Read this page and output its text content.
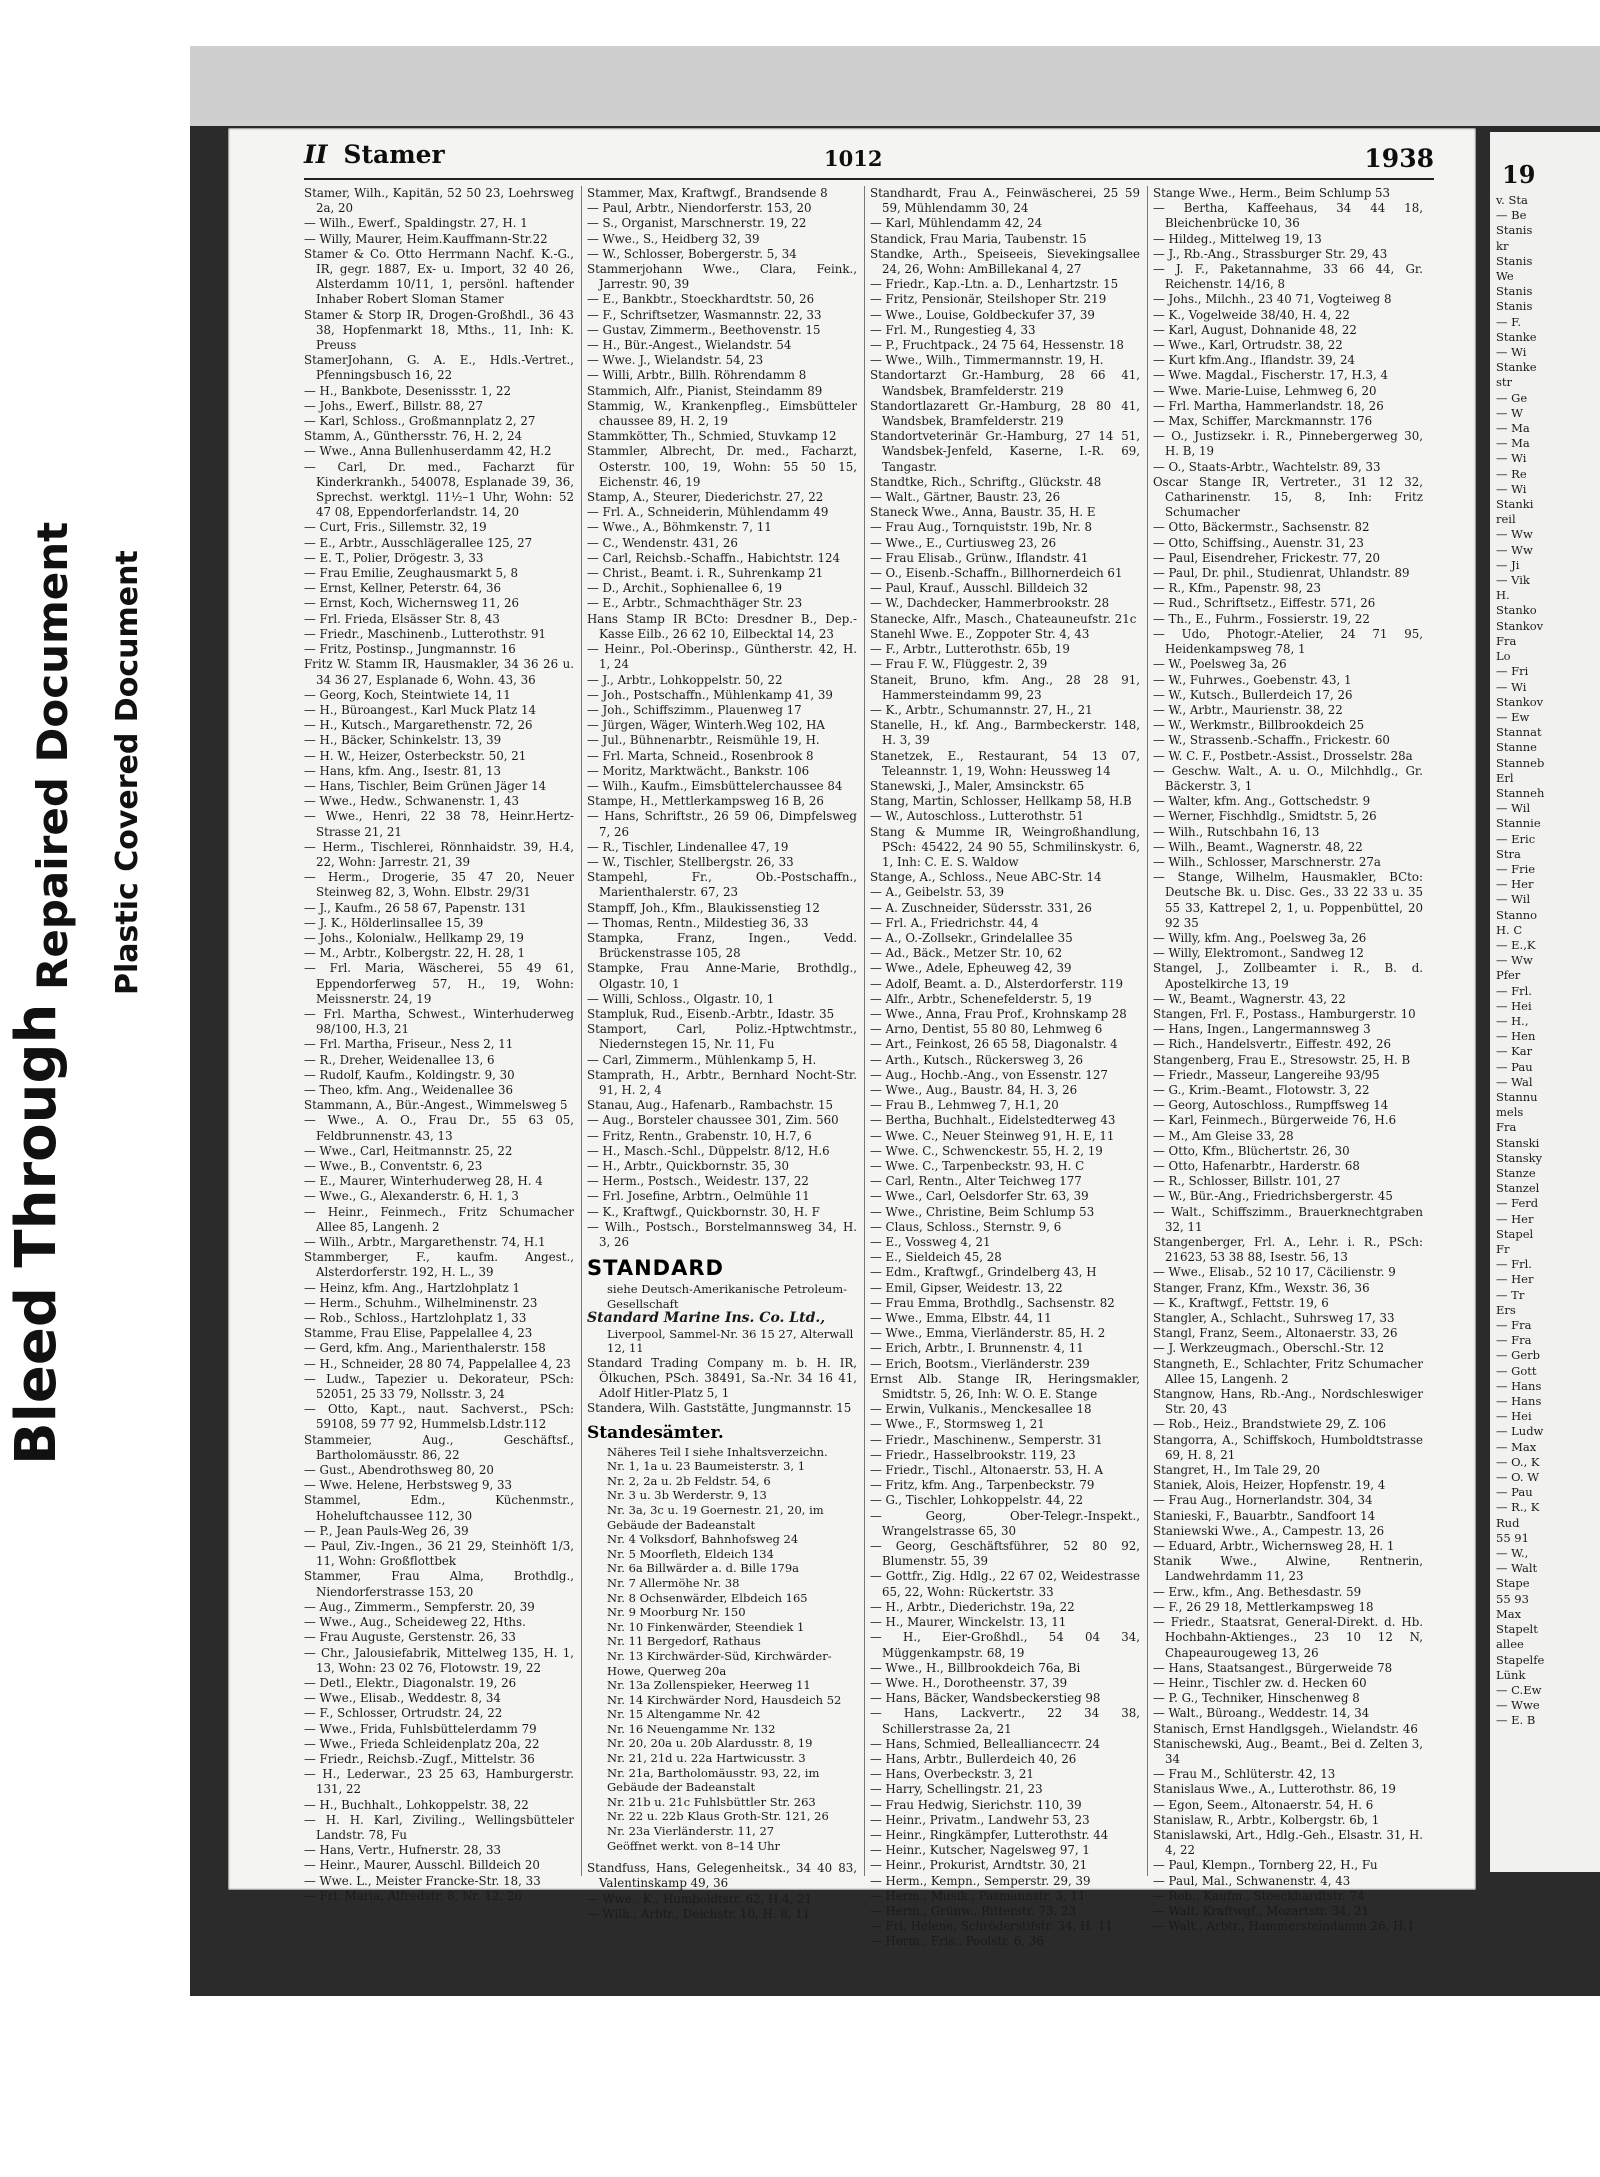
Bleed Through
Repaired Document Plastic Covered Document
II Stamer	1012	1938

Stamer, Wilh., Kapitän, 52 50 23, Loehrsweg 2a, 20

— Wilh., Ewerf., Spaldingstr. 27, H. 1

— Willy, Maurer, Heim.Kauffmann-Str.22

Stamer & Co. Otto Herrmann Nachf. K.-G., IR, gegr. 1887, Ex- u. Import, 32 40 26, Alsterdamm 10/11, 1, persönl. haftender Inhaber Robert Sloman Stamer

Stamer & Storp IR, Drogen-Großhdl., 36 43 38, Hopfenmarkt 18, Mths., 11, Inh: K. Preuss

StamerJohann, G. A. E., Hdls.-Vertret., Pfenningsbusch 16, 22

— H., Bankbote, Desenissstr. 1, 22

— Johs., Ewerf., Billstr. 88, 27

— Karl, Schloss., Großmannplatz 2, 27

Stamm, A., Günthersstr. 76, H. 2, 24

— Wwe., Anna Bullenhuserdamm 42, H.2

— Carl, Dr. med., Facharzt für Kinderkrankh., 540078, Esplanade 39, 36, Sprechst. werktgl. 11½–1 Uhr, Wohn: 52 47 08, Eppendorferlandstr. 14, 20

— Curt, Fris., Sillemstr. 32, 19

— E., Arbtr., Ausschlägerallee 125, 27

— E. T., Polier, Drögestr. 3, 33

— Frau Emilie, Zeughausmarkt 5, 8

— Ernst, Kellner, Peterstr. 64, 36

— Ernst, Koch, Wichernsweg 11, 26

— Frl. Frieda, Elsässer Str. 8, 43

— Friedr., Maschinenb., Lutterothstr. 91

— Fritz, Postinsp., Jungmannstr. 16

Fritz W. Stamm IR, Hausmakler, 34 36 26 u. 34 36 27, Esplanade 6, Wohn. 43, 36

— Georg, Koch, Steintwiete 14, 11

— H., Bürоangest., Karl Muck Platz 14

— H., Kutsch., Margarethenstr. 72, 26

— H., Bäcker, Schinkelstr. 13, 39

— H. W., Heizer, Osterbeckstr. 50, 21

— Hans, kfm. Ang., Isestr. 81, 13

— Hans, Tischler, Beim Grünen Jäger 14

— Wwe., Hedw., Schwanenstr. 1, 43

— Wwe., Henri, 22 38 78, Heinr.Hertz-Strasse 21, 21

— Herm., Tischlerei, Rönnhaidstr. 39, H.4, 22, Wohn: Jarrestr. 21, 39

— Herm., Drogerie, 35 47 20, Neuer Steinweg 82, 3, Wohn. Elbstr. 29/31

— J., Kaufm., 26 58 67, Papenstr. 131

— J. K., Hölderlinsallee 15, 39

— Johs., Kolonialw., Hellkamp 29, 19

— M., Arbtr., Kolbergstr. 22, H. 28, 1

— Frl. Maria, Wäscherei, 55 49 61, Eppendorferweg 57, H., 19, Wohn: Meissnerstr. 24, 19

— Frl. Martha, Schwest., Winterhuderweg 98/100, H.3, 21

— Frl. Martha, Friseur., Ness 2, 11

— R., Dreher, Weidenallee 13, 6

— Rudolf, Kaufm., Koldingstr. 9, 30

— Theo, kfm. Ang., Weidenallee 36

Stammann, A., Bür.-Angest., Wimmelsweg 5

— Wwe., A. O., Frau Dr., 55 63 05, Feldbrunnenstr. 43, 13

— Wwe., Carl, Heitmannstr. 25, 22

— Wwe., B., Conventstr. 6, 23

— E., Maurer, Winterhuderweg 28, H. 4

— Wwe., G., Alexanderstr. 6, H. 1, 3

— Heinr., Feinmech., Fritz Schumacher Allee 85, Langenh. 2

— Wilh., Arbtr., Margarethenstr. 74, H.1

Stammberger, F., kaufm. Angest., Alsterdorferstr. 192, H. L., 39

— Heinz, kfm. Ang., Hartzlohplatz 1

— Herm., Schuhm., Wilhelminenstr. 23

— Rob., Schloss., Hartzlohplatz 1, 33

Stamme, Frau Elise, Pappelallee 4, 23

— Gerd, kfm. Ang., Marienthalerstr. 158

— H., Schneider, 28 80 74, Pappelallee 4, 23

— Ludw., Tapezier u. Dekorateur, PSch: 52051, 25 33 79, Nollsstr. 3, 24

— Otto, Kapt., naut. Sachverst., PSch: 59108, 59 77 92, Hummelsb.Ldstr.112

Stammeier, Aug., Geschäftsf., Bartholomäusstr. 86, 22

— Gust., Abendrothsweg 80, 20

— Wwe. Helene, Herbstsweg 9, 33

Stammel, Edm., Küchenmstr., Hoheluftchaussee 112, 30

— P., Jean Pauls-Weg 26, 39

— Paul, Ziv.-Ingen., 36 21 29, Steinhöft 1/3, 11, Wohn: Großflottbek

Stammer, Frau Alma, Brothdlg., Niendorferstrasse 153, 20

— Aug., Zimmerm., Sempferstr. 20, 39

— Wwe., Aug., Scheideweg 22, Hths.

— Frau Auguste, Gerstenstr. 26, 33

— Chr., Jalousiefabrik, Mittelweg 135, H. 1, 13, Wohn: 23 02 76, Flotowstr. 19, 22

— Detl., Elektr., Diagonalstr. 19, 26

— Wwe., Elisab., Weddestr. 8, 34

— F., Schlosser, Ortrudstr. 24, 22

— Wwe., Frida, Fuhlsbüttelerdamm 79

— Wwe., Frieda Schleidenplatz 20a, 22

— Friedr., Reichsb.-Zugf., Mittelstr. 36

— H., Lederwar., 23 25 63, Hamburgerstr. 131, 22

— H., Buchhalt., Lohkoppelstr. 38, 22

— H. H. Karl, Ziviling., Wellingsbütteler Landstr. 78, Fu

— Hans, Vertr., Hufnerstr. 28, 33

— Heinr., Maurer, Ausschl. Billdeich 20

— Wwe. L., Meister Francke-Str. 18, 33

— Frl. Maria, Alfredstr. 8, Nr. 12, 26

Stammer, Max, Kraftwgf., Brandsende 8

— Paul, Arbtr., Niendorferstr. 153, 20

— S., Organist, Marschnerstr. 19, 22

— Wwe., S., Heidberg 32, 39

— W., Schlosser, Bobergerstr. 5, 34

Stammerjohann Wwe., Clara, Feink., Jarrestr. 90, 39

— E., Bankbtr., Stoeckhardtstr. 50, 26

— F., Schriftsetzer, Wasmannstr. 22, 33

— Gustav, Zimmerm., Beethovenstr. 15

— H., Bür.-Angest., Wielandstr. 54

— Wwe. J., Wielandstr. 54, 23

— Willi, Arbtr., Billh. Röhrendamm 8

Stammich, Alfr., Pianist, Steindamm 89

Stammig, W., Krankenpfleg., Eimsbütteler chaussee 89, H. 2, 19

Stammkötter, Th., Schmied, Stuvkamp 12

Stammler, Albrecht, Dr. med., Facharzt, Osterstr. 100, 19, Wohn: 55 50 15, Eichenstr. 46, 19

Stamp, A., Steurer, Diederichstr. 27, 22

— Frl. A., Schneiderin, Mühlendamm 49

— Wwe., A., Böhmkenstr. 7, 11

— C., Wendenstr. 431, 26

— Carl, Reichsb.-Schaffn., Habichtstr. 124

— Christ., Beamt. i. R., Suhrenkamp 21

— D., Archit., Sophienallee 6, 19

— E., Arbtr., Schmachthäger Str. 23

Hans Stamp IR BCto: Dresdner B., Dep.-Kasse Eilb., 26 62 10, Eilbecktal 14, 23

— Heinr., Pol.-Oberinsp., Güntherstr. 42, H. 1, 24

— J., Arbtr., Lohkoppelstr. 50, 22

— Joh., Postschaffn., Mühlenkamp 41, 39

— Joh., Schiffszimm., Plauenweg 17

— Jürgen, Wäger, Winterh.Weg 102, HA

— Jul., Bühnenarbtr., Reismühle 19, H.

— Frl. Marta, Schneid., Rosenbrook 8

— Moritz, Marktwächt., Bankstr. 106

— Wilh., Kaufm., Eimsbüttelerchaussee 84

Stampe, H., Mettlerkampsweg 16 B, 26

— Hans, Schriftstr., 26 59 06, Dimpfelsweg 7, 26

— R., Tischler, Lindenallee 47, 19

— W., Tischler, Stellbergstr. 26, 33

Stampehl, Fr., Ob.-Postschaffn., Marienthalerstr. 67, 23

Stampff, Joh., Kfm., Blaukissenstieg 12

— Thomas, Rentn., Mildestieg 36, 33

Stampka, Franz, Ingen., Vedd. Brückenstrasse 105, 28

Stampke, Frau Anne-Marie, Brothdlg., Olgastr. 10, 1

— Willi, Schloss., Olgastr. 10, 1

Stampluk, Rud., Eisenb.-Arbtr., Idastr. 35

Stamport, Carl, Poliz.-Hptwchtmstr., Niedernstegen 15, Nr. 11, Fu

— Carl, Zimmerm., Mühlenkamp 5, H.

Stamprath, H., Arbtr., Bernhard Nocht-Str. 91, H. 2, 4

Stanau, Aug., Hafenarb., Rambachstr. 15

— Aug., Borsteler chaussee 301, Zim. 560

— Fritz, Rentn., Grabenstr. 10, H.7, 6

— H., Masch.-Schl., Düppelstr. 8/12, H.6

— H., Arbtr., Quickbornstr. 35, 30

— Herm., Postsch., Weidestr. 137, 22

— Frl. Josefine, Arbtrn., Oelmühle 11

— K., Kraftwgf., Quickbornstr. 30, H. F

— Wilh., Postsch., Borstelmannsweg 34, H. 3, 26

STANDARD

siehe Deutsch-Amerikanische Petroleum-Gesellschaft

Standard Marine Ins. Co. Ltd.,

Liverpool, Sammel-Nr. 36 15 27, Alterwall 12, 11

Standard Trading Company m. b. H. IR, Ölkuchen, PSch. 38491, Sa.-Nr. 34 16 41, Adolf Hitler-Platz 5, 1

Standera, Wilh. Gaststätte, Jungmannstr. 15

Standesämter.

Näheres Teil I siehe Inhaltsverzeichn.

Nr. 1, 1a u. 23 Baumeisterstr. 3, 1

Nr. 2, 2a u. 2b Feldstr. 54, 6

Nr. 3 u. 3b Werderstr. 9, 13

Nr. 3a, 3c u. 19 Goernestr. 21, 20, im Gebäude der Badeanstalt

Nr. 4 Volksdorf, Bahnhofsweg 24

Nr. 5 Moorfleth, Eldeich 134

Nr. 6a Billwärder a. d. Bille 179a

Nr. 7 Allermöhe Nr. 38

Nr. 8 Ochsenwärder, Elbdeich 165

Nr. 9 Moorburg Nr. 150

Nr. 10 Finkenwärder, Steendiek 1

Nr. 11 Bergedorf, Rathaus

Nr. 13 Kirchwärder-Süd, Kirchwärder-Howe, Querweg 20a

Nr. 13a Zollenspieker, Heerweg 11

Nr. 14 Kirchwärder Nord, Hausdeich 52

Nr. 15 Altengamme Nr. 42

Nr. 16 Neuengamme Nr. 132

Nr. 20, 20a u. 20b Alardusstr. 8, 19

Nr. 21, 21d u. 22a Hartwicusstr. 3

Nr. 21a, Bartholomäusstr. 93, 22, im Gebäude der Badeanstalt

Nr. 21b u. 21c Fuhlsbüttler Str. 263

Nr. 22 u. 22b Klaus Groth-Str. 121, 26

Nr. 23a Vierländerstr. 11, 27

Geöffnet werkt. von 8–14 Uhr

Standfuss, Hans, Gelegenheitsk., 34 40 83, Valentinskamp 49, 36

— Wwe., K., Humboldtstr. 62, H.4, 21

— Wilh., Arbtr., Deichstr. 10, H. 8, 11

Standhardt, Frau A., Feinwäscherei, 25 59 59, Mühlendamm 30, 24

— Karl, Mühlendamm 42, 24

Standick, Frau Maria, Taubenstr. 15

Standke, Arth., Speiseeis, Sievekingsallee 24, 26, Wohn: AmBillekanal 4, 27

— Friedr., Kap.-Ltn. a. D., Lenhartzstr. 15

— Fritz, Pensionär, Steilshoper Str. 219

— Wwe., Louise, Goldbeckufer 37, 39

— Frl. M., Rungestieg 4, 33

— P., Fruchtpack., 24 75 64, Hessenstr. 18

— Wwe., Wilh., Timmermannstr. 19, H.

Standortarzt Gr.-Hamburg, 28 66 41, Wandsbek, Bramfelderstr. 219

Standortlazarett Gr.-Hamburg, 28 80 41, Wandsbek, Bramfelderstr. 219

Standortveterinär Gr.-Hamburg, 27 14 51, Wandsbek-Jenfeld, Kaserne, I.-R. 69, Tangastr.

Standtke, Rich., Schriftg., Glückstr. 48

— Walt., Gärtner, Baustr. 23, 26

Staneck Wwe., Anna, Baustr. 35, H. E

— Frau Aug., Tornquiststr. 19b, Nr. 8

— Wwe., E., Curtiusweg 23, 26

— Frau Elisab., Grünw., Iflandstr. 41

— O., Eisenb.-Schaffn., Billhornerdeich 61

— Paul, Krauf., Ausschl. Billdeich 32

— W., Dachdecker, Hammerbrookstr. 28

Stanecke, Alfr., Masch., Chateauneufstr. 21c

Stanehl Wwe. E., Zoppoter Str. 4, 43

— F., Arbtr., Lutterothstr. 65b, 19

— Frau F. W., Flüggestr. 2, 39

Staneit, Bruno, kfm. Ang., 28 28 91, Hammersteindamm 99, 23

— K., Arbtr., Schumannstr. 27, H., 21

Stanelle, H., kf. Ang., Barmbeckerstr. 148, H. 3, 39

Stanetzek, E., Restaurant, 54 13 07, Teleannstr. 1, 19, Wohn: Heussweg 14

Stanewski, J., Maler, Amsinckstr. 65

Stang, Martin, Schlosser, Hellkamp 58, H.B

— W., Autoschloss., Lutterothstr. 51

Stang & Mumme IR, Weingroßhandlung, PSch: 45422, 24 90 55, Schmilinskystr. 6, 1, Inh: C. E. S. Waldow

Stange, A., Schloss., Neue ABC-Str. 14

— A., Geibelstr. 53, 39

— A. Zuschneider, Südersstr. 331, 26

— Frl. A., Friedrichstr. 44, 4

— A., O.-Zollsekr., Grindelallee 35

— Ad., Bäck., Metzer Str. 10, 62

— Wwe., Adele, Epheuweg 42, 39

— Adolf, Beamt. a. D., Alsterdorferstr. 119

— Alfr., Arbtr., Schenefelderstr. 5, 19

— Wwe., Anna, Frau Prof., Krohnskamp 28

— Arno, Dentist, 55 80 80, Lehmweg 6

— Art., Feinkost, 26 65 58, Diagonalstr. 4

— Arth., Kutsch., Rückersweg 3, 26

— Aug., Hochb.-Ang., von Essenstr. 127

— Wwe., Aug., Baustr. 84, H. 3, 26

— Frau B., Lehmweg 7, H.1, 20

— Bertha, Buchhalt., Eidelstedterweg 43

— Wwe. C., Neuer Steinweg 91, H. E, 11

— Wwe. C., Schwenckestr. 55, H. 2, 19

— Wwe. C., Tarpenbeckstr. 93, H. C

— Carl, Rentn., Alter Teichweg 177

— Wwe., Carl, Oelsdorfer Str. 63, 39

— Wwe., Christine, Beim Schlump 53

— Claus, Schloss., Sternstr. 9, 6

— E., Vossweg 4, 21

— E., Sieldeich 45, 28

— Edm., Kraftwgf., Grindelberg 43, H

— Emil, Gipser, Weidestr. 13, 22

— Frau Emma, Brothdlg., Sachsenstr. 82

— Wwe., Emma, Elbstr. 44, 11

— Wwe., Emma, Vierländerstr. 85, H. 2

— Erich, Arbtr., I. Brunnenstr. 4, 11

— Erich, Bootsm., Vierländerstr. 239

Ernst Alb. Stange IR, Heringsmakler, Smidtstr. 5, 26, Inh: W. O. E. Stange

— Erwin, Vulkanis., Menckesallee 18

— Wwe., F., Stormsweg 1, 21

— Friedr., Maschinenw., Semperstr. 31

— Friedr., Hasselbrookstr. 119, 23

— Friedr., Tischl., Altonaerstr. 53, H. A

— Fritz, kfm. Ang., Tarpenbeckstr. 79

— G., Tischler, Lohkoppelstr. 44, 22

— Georg, Ober-Telegr.-Inspekt., Wrangelstrasse 65, 30

— Georg, Geschäftsführer, 52 80 92, Blumenstr. 55, 39

— Gottfr., Zig. Hdlg., 22 67 02, Weidestrasse 65, 22, Wohn: Rückertstr. 33

— H., Arbtr., Diederichstr. 19a, 22

— H., Maurer, Winckelstr. 13, 11

— H., Eier-Großhdl., 54 04 34, Müggenkampstr. 68, 19

— Wwe., H., Billbrookdeich 76a, Bi

— Wwe. H., Dorotheenstr. 37, 39

— Hans, Bäcker, Wandsbeckerstieg 98

— Hans, Lackvertr., 22 34 38, Schillerstrasse 2a, 21

— Hans, Schmied, Belleallianceстr. 24

— Hans, Arbtr., Bullerdeich 40, 26

— Hans, Overbeckstr. 3, 21

— Harry, Schellingstr. 21, 23

— Frau Hedwig, Sierichstr. 110, 39

— Heinr., Privatm., Landwehr 53, 23

— Heinr., Ringkämpfer, Lutterothstr. 44

— Heinr., Kutscher, Nagelsweg 97, 1

— Heinr., Prokurist, Arndtstr. 30, 21

— Herm., Kempn., Semperstr. 29, 39

— Herm., Musik., Pasmannstr. 3, 11

— Herm., Grünw., Ritterstr. 73, 23

— Frl. Helene, Schröderstifstr. 34, H. 11

— Herm., Fris., Poolstr. 6, 36

Stange Wwe., Herm., Beim Schlump 53

— Bertha, Kaffeehaus, 34 44 18, Bleichenbrücke 10, 36

— Hildeg., Mittelweg 19, 13

— J., Rb.-Ang., Strassburger Str. 29, 43

— J. F., Paketannahme, 33 66 44, Gr. Reichenstr. 14/16, 8

— Johs., Milchh., 23 40 71, Vogteiweg 8

— K., Vogelweide 38/40, H. 4, 22

— Karl, August, Dohnanide 48, 22

— Wwe., Karl, Ortrudstr. 38, 22

— Kurt kfm.Ang., Iflandstr. 39, 24

— Wwe. Magdal., Fischerstr. 17, H.3, 4

— Wwe. Marie-Luise, Lehmweg 6, 20

— Frl. Martha, Hammerlandstr. 18, 26

— Max, Schiffer, Marckmannstr. 176

— O., Justizsekr. i. R., Pinnebergerweg 30, H. B, 19

— O., Staats-Arbtr., Wachtelstr. 89, 33

Oscar Stange IR, Vertreter., 31 12 32, Catharinenstr. 15, 8, Inh: Fritz Schumacher

— Otto, Bäckermstr., Sachsenstr. 82

— Otto, Schiffsing., Auenstr. 31, 23

— Paul, Eisendreher, Frickestr. 77, 20

— Paul, Dr. phil., Studienrat, Uhlandstr. 89

— R., Kfm., Papenstr. 98, 23

— Rud., Schriftsetz., Eiffestr. 571, 26

— Th., E., Fuhrm., Fossierstr. 19, 22

— Udo, Photogr.-Atelier, 24 71 95, Heidenkampsweg 78, 1

— W., Poelsweg 3a, 26

— W., Fuhrwes., Goebenstr. 43, 1

— W., Kutsch., Bullerdeich 17, 26

— W., Arbtr., Maurienstr. 38, 22

— W., Werkmstr., Billbrookdeich 25

— W., Strassenb.-Schaffn., Frickestr. 60

— W. C. F., Postbetr.-Assist., Drosselstr. 28a

— Geschw. Walt., A. u. O., Milchhdlg., Gr. Bäckerstr. 3, 1

— Walter, kfm. Ang., Gottschedstr. 9

— Werner, Fischhdlg., Smidtstr. 5, 26

— Wilh., Rutschbahn 16, 13

— Wilh., Beamt., Wagnerstr. 48, 22

— Wilh., Schlosser, Marschnerstr. 27a

— Stange, Wilhelm, Hausmakler, BCto: Deutsche Bk. u. Disc. Ges., 33 22 33 u. 35 55 33, Kattrepel 2, 1, u. Poppenbüttel, 20 92 35

— Willy, kfm. Ang., Poelsweg 3a, 26

— Willy, Elektromont., Sandweg 12

Stangel, J., Zollbeamter i. R., B. d. Apostelkirche 13, 19

— W., Beamt., Wagnerstr. 43, 22

Stangen, Frl. F., Postass., Hamburgerstr. 10

— Hans, Ingen., Langermannsweg 3

— Rich., Handelsvertr., Eiffestr. 492, 26

Stangenberg, Frau E., Stresowstr. 25, H. B

— Friedr., Masseur, Langereihe 93/95

— G., Krim.-Beamt., Flotowstr. 3, 22

— Georg, Autoschloss., Rumpffsweg 14

— Karl, Feinmech., Bürgerweide 76, H.6

— M., Am Gleise 33, 28

— Otto, Kfm., Blüchertstr. 26, 30

— Otto, Hafenarbtr., Harderstr. 68

— R., Schlosser, Billstr. 101, 27

— W., Bür.-Ang., Friedrichsbergerstr. 45

— Walt., Schiffszimm., Brauerknechtgraben 32, 11

Stangenberger, Frl. A., Lehr. i. R., PSch: 21623, 53 38 88, Isestr. 56, 13

— Wwe., Elisab., 52 10 17, Cäcilienstr. 9

Stanger, Franz, Kfm., Wexstr. 36, 36

— K., Kraftwgf., Fettstr. 19, 6

Stangler, A., Schlacht., Suhrsweg 17, 33

Stangl, Franz, Seem., Altonaerstr. 33, 26

— J. Werkzeugmach., Oberschl.-Str. 12

Stangneth, E., Schlachter, Fritz Schumacher Allee 15, Langenh. 2

Stangnow, Hans, Rb.-Ang., Nordschleswiger Str. 20, 43

— Rob., Heiz., Brandstwiete 29, Z. 106

Stangorra, A., Schiffskoch, Humboldtstrasse 69, H. 8, 21

Stangret, H., Im Tale 29, 20

Staniek, Alois, Heizer, Hopfenstr. 19, 4

— Frau Aug., Hornerlandstr. 304, 34

Stanieski, F., Bauarbtr., Sandfoort 14

Staniewski Wwe., A., Campestr. 13, 26

— Eduard, Arbtr., Wichernsweg 28, H. 1

Stanik Wwe., Alwine, Rentnerin, Landwehrdamm 11, 23

— Erw., kfm., Ang. Bethesdastr. 59

— F., 26 29 18, Mettlerkampsweg 18

— Friedr., Staatsrat, General-Direkt. d. Hb. Hochbahn-Aktienges., 23 10 12 N, Chapeaurougeweg 13, 26

— Hans, Staatsangest., Bürgerweide 78

— Heinr., Tischler zw. d. Hecken 60

— P. G., Techniker, Hinschenweg 8

— Walt., Büroang., Weddestr. 14, 34

Stanisch, Ernst Handlgsgeh., Wielandstr. 46

Stanischewski, Aug., Beamt., Bei d. Zelten 3, 34

— Frau M., Schlüterstr. 42, 13

Stanislaus Wwe., A., Lutterothstr. 86, 19

— Egon, Seem., Altonaerstr. 54, H. 6

Stanislaw, R., Arbtr., Kolbergstr. 6b, 1

Stanislawski, Art., Hdlg.-Geh., Elsastr. 31, H. 4, 22

— Paul, Klempn., Tornberg 22, H., Fu

— Paul, Mal., Schwanenstr. 4, 43

— Rob., Kaufm., Stoeckhardtstr. 74

— Walt, Kraftwgf., Mozartstr. 34, 21

— Walt., Arbtr., Hammersteindamm 26, H.1

19
v. Sta
— Be
Stanis
kr
Stanis
We
Stanis
Stanis
— F.
Stanke
— Wi
Stanke
str
— Ge
— W
— Ma
— Ma
— Wi
— Re
— Wi
Stanki
reil
— Ww
— Ww
— Ji
— Vik
H.
Stanko
Stankov
Fra
Lo
— Fri
— Wi
Stankov
— Ew
Stannat
Stanne
Stanneb
Erl
Stanneh
— Wil
Stannie
— Eric
Stra
— Frie
— Her
— Wil
Stanno
H. C
— E.,K
— Ww
Pfer
— Frl.
— Hei
— H.,
— Hen
— Kar
— Pau
— Wal
Stannu
mels
Fra
Stanski
Stansky
Stanze
Stanzel
— Ferd
— Her
Stapel
Fr
— Frl.
— Her
— Tr
Ers
— Fra
— Fra
— Gerb
— Gott
— Hans
— Hans
— Hei
— Ludw
— Max
— O., K
— O. W
— Pau
— R., K
Rud
55 91
— W.,
— Walt
Stape
55 93
Max
Stapelt
allee
Stapelfe
Lünk
— C.Ew
— Wwe
— E. B
